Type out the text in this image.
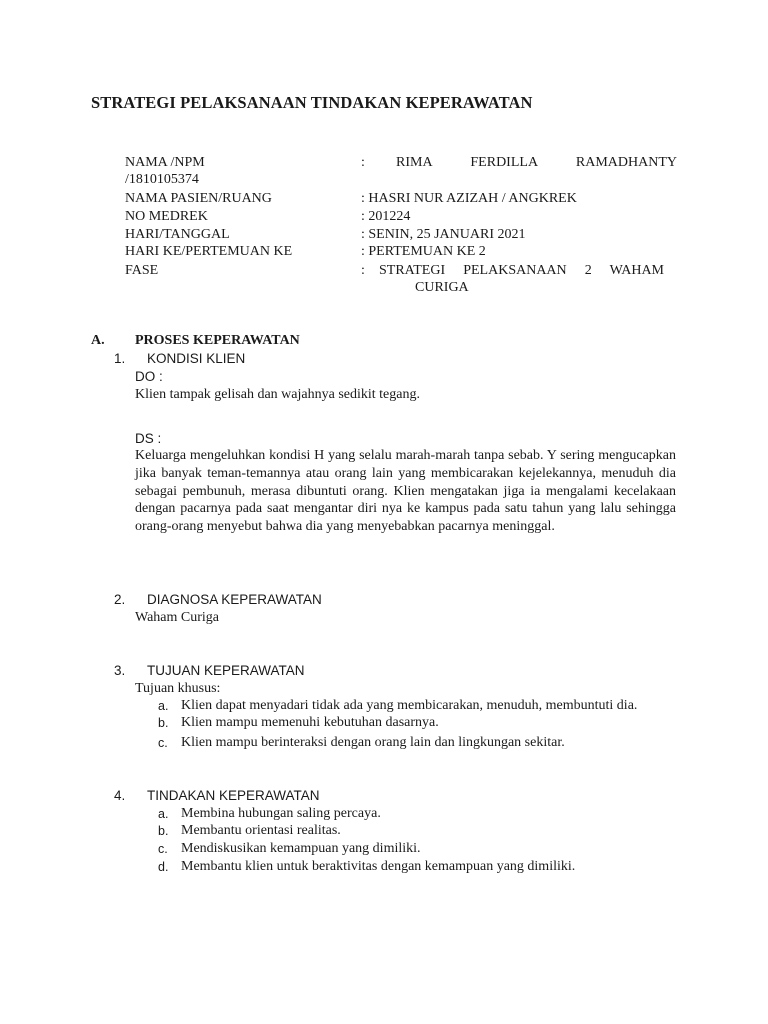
STRATEGI PELAKSANAAN TINDAKAN KEPERAWATAN
NAMA /NPM	: RIMA	FERDILLA	RAMADHANTY
/1810105374
NAMA PASIEN/RUANG	: HASRI NUR AZIZAH / ANGKREK
NO MEDREK	: 201224
HARI/TANGGAL	: SENIN, 25 JANUARI 2021
HARI KE/PERTEMUAN KE	: PERTEMUAN KE 2
FASE	: STRATEGI PELAKSANAAN 2 WAHAM
CURIGA
A. PROSES KEPERAWATAN
1. KONDISI KLIEN
DO :
Klien tampak gelisah dan wajahnya sedikit tegang.
DS :
Keluarga mengeluhkan kondisi H yang selalu marah-marah tanpa sebab. Y sering mengucapkan jika banyak teman-temannya atau orang lain yang membicarakan kejelekannya, menuduh dia sebagai pembunuh, merasa dibuntuti orang. Klien mengatakan jiga ia mengalami kecelakaan dengan pacarnya pada saat mengantar diri nya ke kampus pada satu tahun yang lalu sehingga orang-orang menyebut bahwa dia yang menyebabkan pacarnya meninggal.
2. DIAGNOSA KEPERAWATAN
Waham Curiga
3. TUJUAN KEPERAWATAN
Tujuan khusus:
a. Klien dapat menyadari tidak ada yang membicarakan, menuduh, membuntuti dia.
b. Klien mampu memenuhi kebutuhan dasarnya.
c. Klien mampu berinteraksi dengan orang lain dan lingkungan sekitar.
4. TINDAKAN KEPERAWATAN
a. Membina hubungan saling percaya.
b. Membantu orientasi realitas.
c. Mendiskusikan kemampuan yang dimiliki.
d. Membantu klien untuk beraktivitas dengan kemampuan yang dimiliki.
